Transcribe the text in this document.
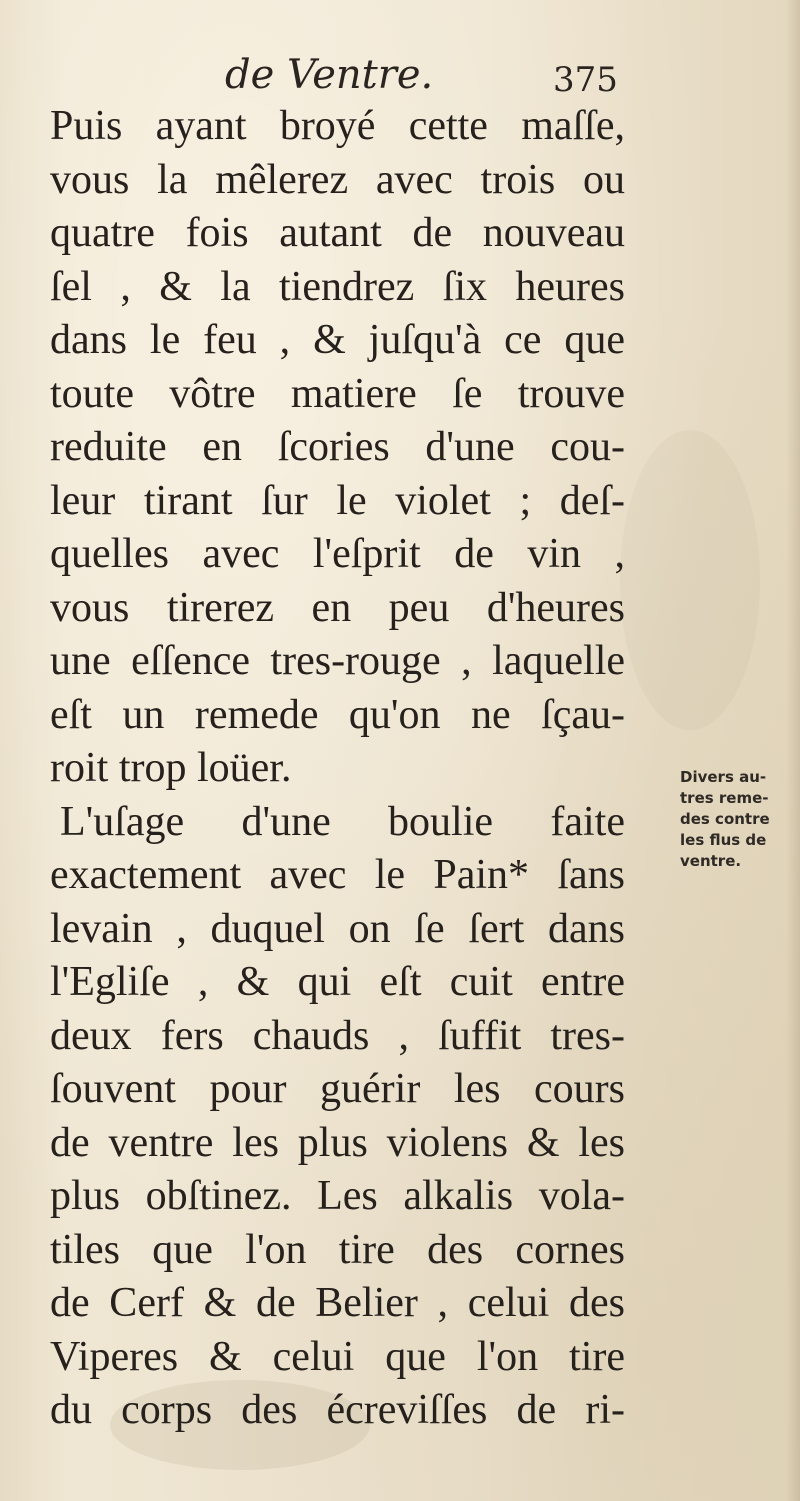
de Ventre.	375
Puis ayant broyé cette maſſe,
vous la mêlerez avec trois ou
quatre fois autant de nouveau
ſel , & la tiendrez ſix heures
dans le feu , & juſqu'à ce que
toute vôtre matiere ſe trouve
reduite en ſcories d'une cou-
leur tirant ſur le violet ; deſ-
quelles avec l'eſprit de vin ,
vous tirerez en peu d'heures
une eſſence tres-rouge , laquelle
eſt un remede qu'on ne ſçau-
roit trop loüer.
L'uſage d'une boulie faite
exactement avec le Pain* ſans
levain , duquel on ſe ſert dans
l'Egliſe , & qui eſt cuit entre
deux fers chauds , ſuffit tres-
ſouvent pour guérir les cours
de ventre les plus violens & les
plus obſtinez. Les alkalis vola-
tiles que l'on tire des cornes
de Cerf & de Belier , celui des
Viperes & celui que l'on tire
du corps des écreviſſes de ri-
Divers au-
tres reme-
des contre
les flus de
ventre.
